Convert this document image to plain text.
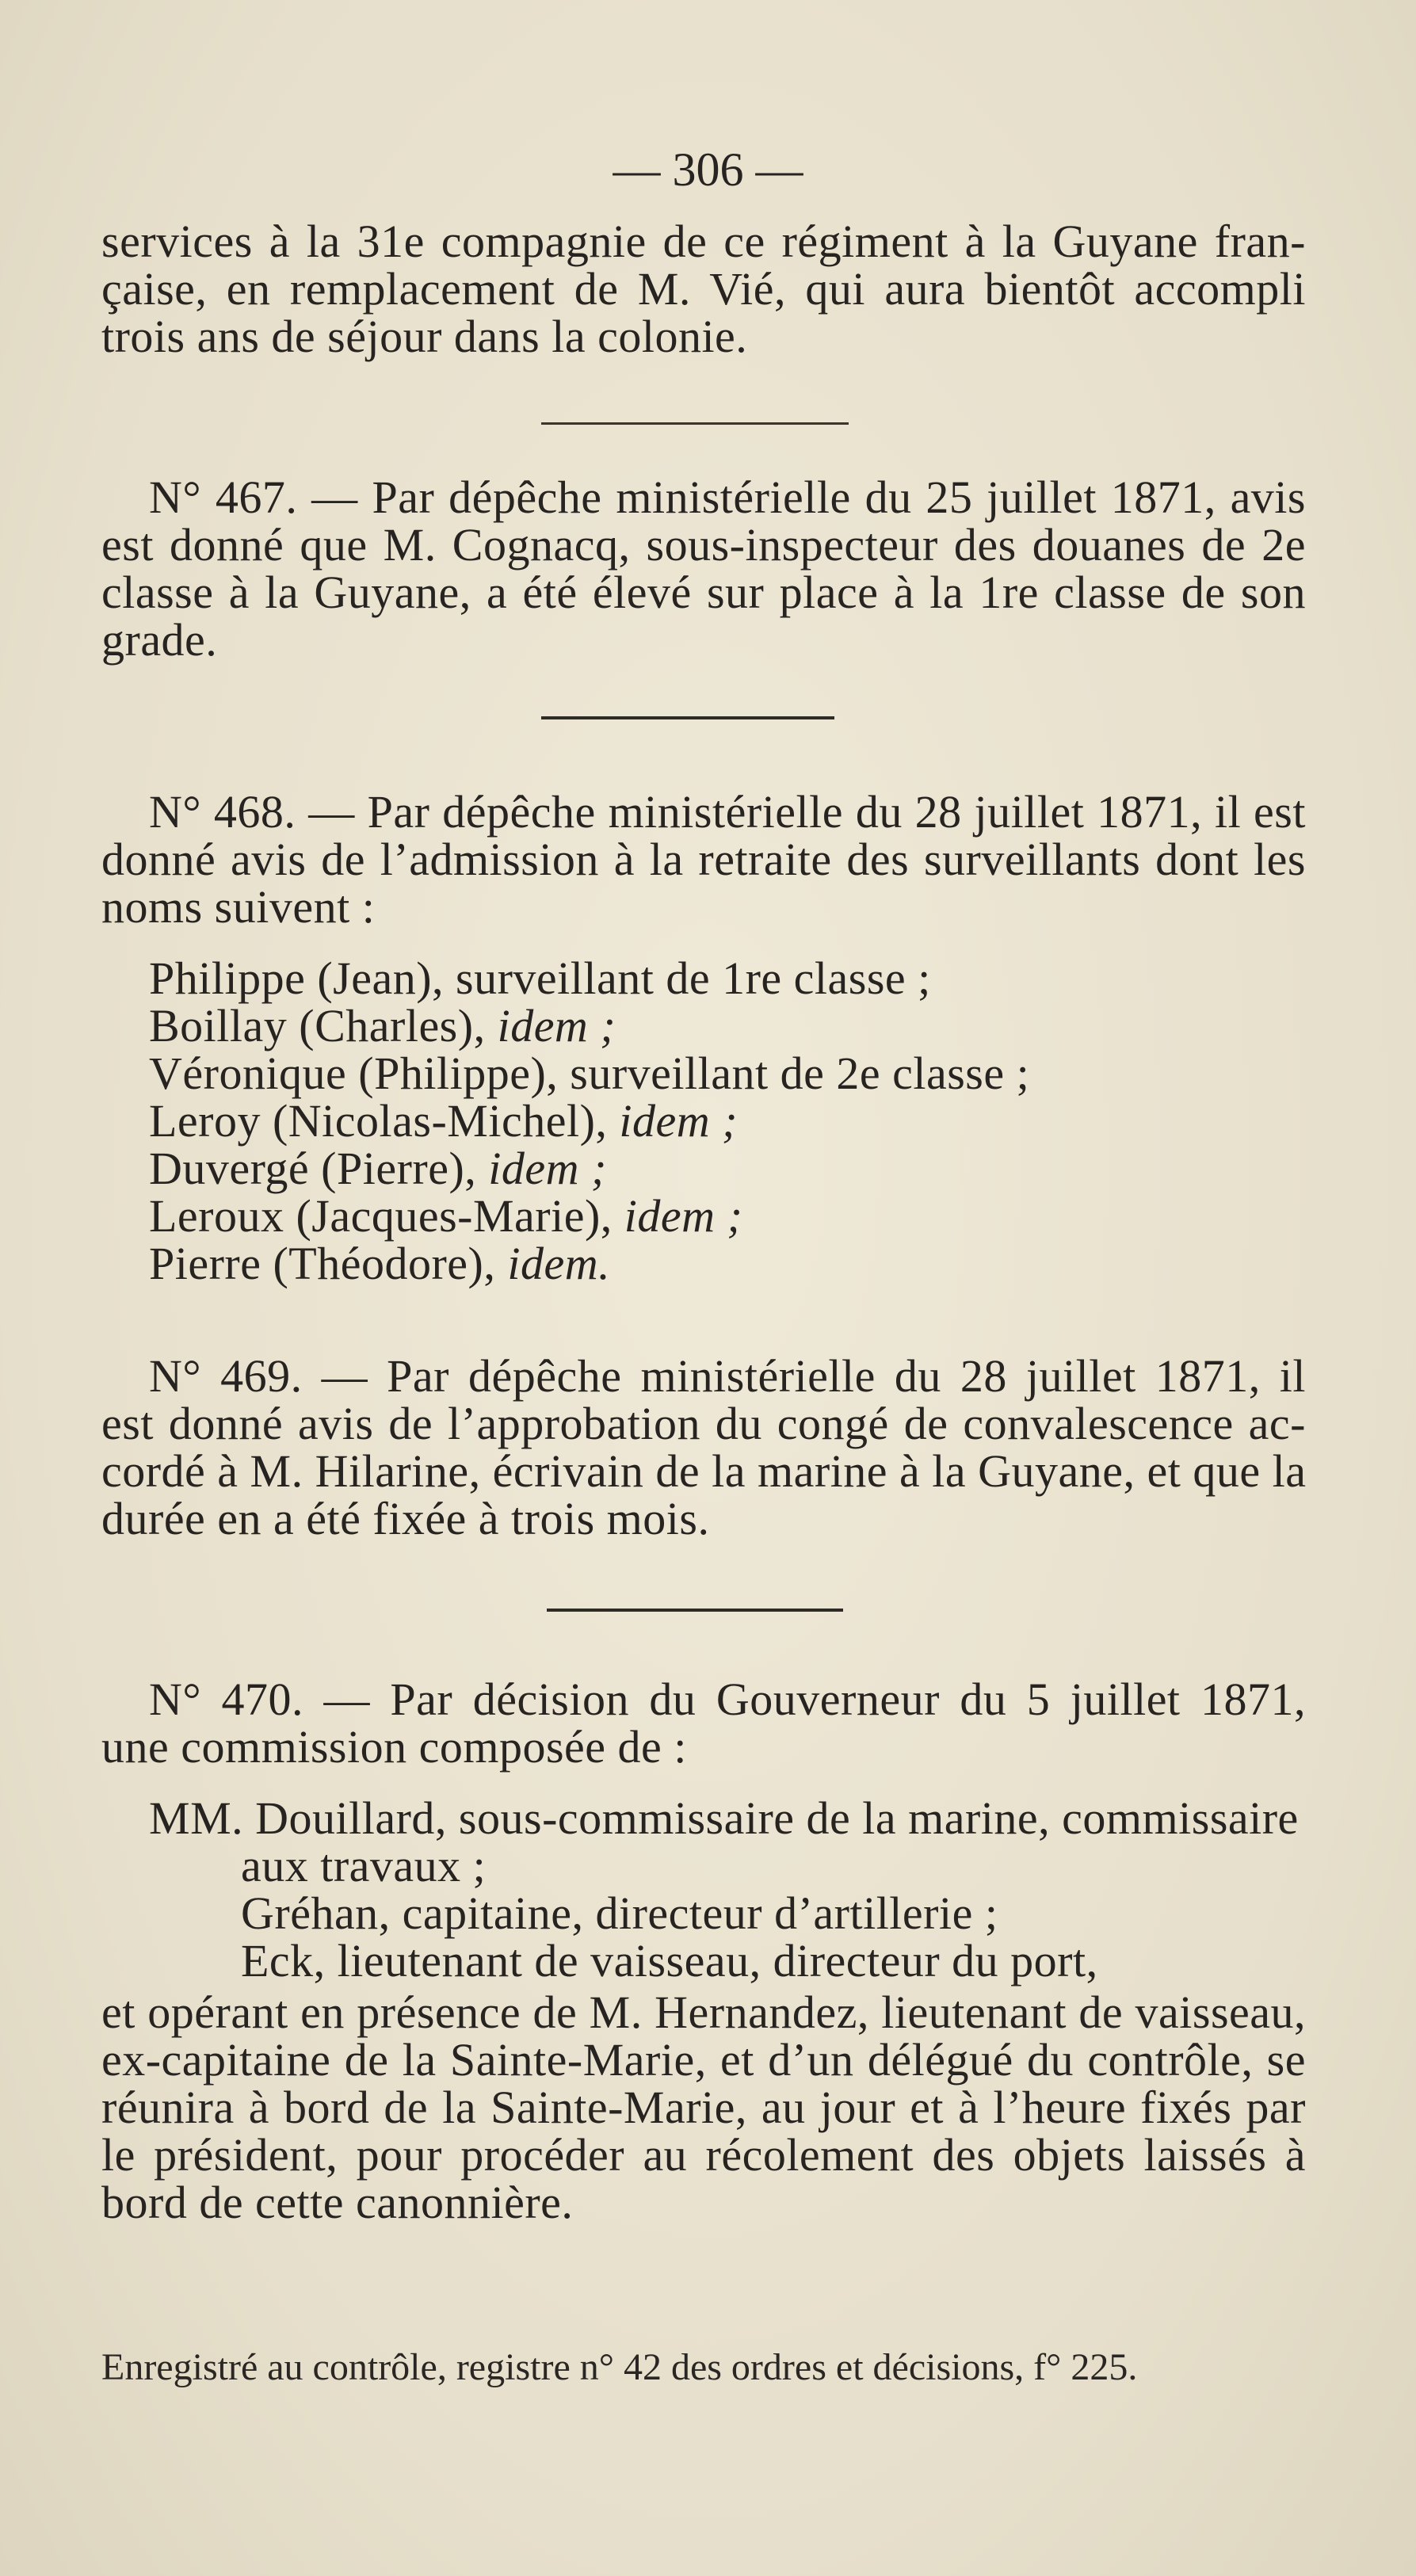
— 306 —
services à la 31e compagnie de ce régiment à la Guyane fran-
çaise, en remplacement de M. Vié, qui aura bientôt accompli
trois ans de séjour dans la colonie.
N° 467. — Par dépêche ministérielle du 25 juillet 1871, avis
est donné que M. Cognacq, sous-inspecteur des douanes de 2e
classe à la Guyane, a été élevé sur place à la 1re classe de son
grade.
N° 468. — Par dépêche ministérielle du 28 juillet 1871, il est
donné avis de l’admission à la retraite des surveillants dont les
noms suivent :
Philippe (Jean), surveillant de 1re classe ;
Boillay (Charles), idem ;
Véronique (Philippe), surveillant de 2e classe ;
Leroy (Nicolas-Michel), idem ;
Duvergé (Pierre), idem ;
Leroux (Jacques-Marie), idem ;
Pierre (Théodore), idem.
N° 469. — Par dépêche ministérielle du 28 juillet 1871, il
est donné avis de l’approbation du congé de convalescence ac-
cordé à M. Hilarine, écrivain de la marine à la Guyane, et que la
durée en a été fixée à trois mois.
N° 470. — Par décision du Gouverneur du 5 juillet 1871,
une commission composée de :
MM. Douillard, sous-commissaire de la marine, commissaire
aux travaux ;
Gréhan, capitaine, directeur d’artillerie ;
Eck, lieutenant de vaisseau, directeur du port,
et opérant en présence de M. Hernandez, lieutenant de vaisseau,
ex-capitaine de la Sainte-Marie, et d’un délégué du contrôle, se
réunira à bord de la Sainte-Marie, au jour et à l’heure fixés par
le président, pour procéder au récolement des objets laissés à
bord de cette canonnière.
Enregistré au contrôle, registre n° 42 des ordres et décisions, f° 225.
